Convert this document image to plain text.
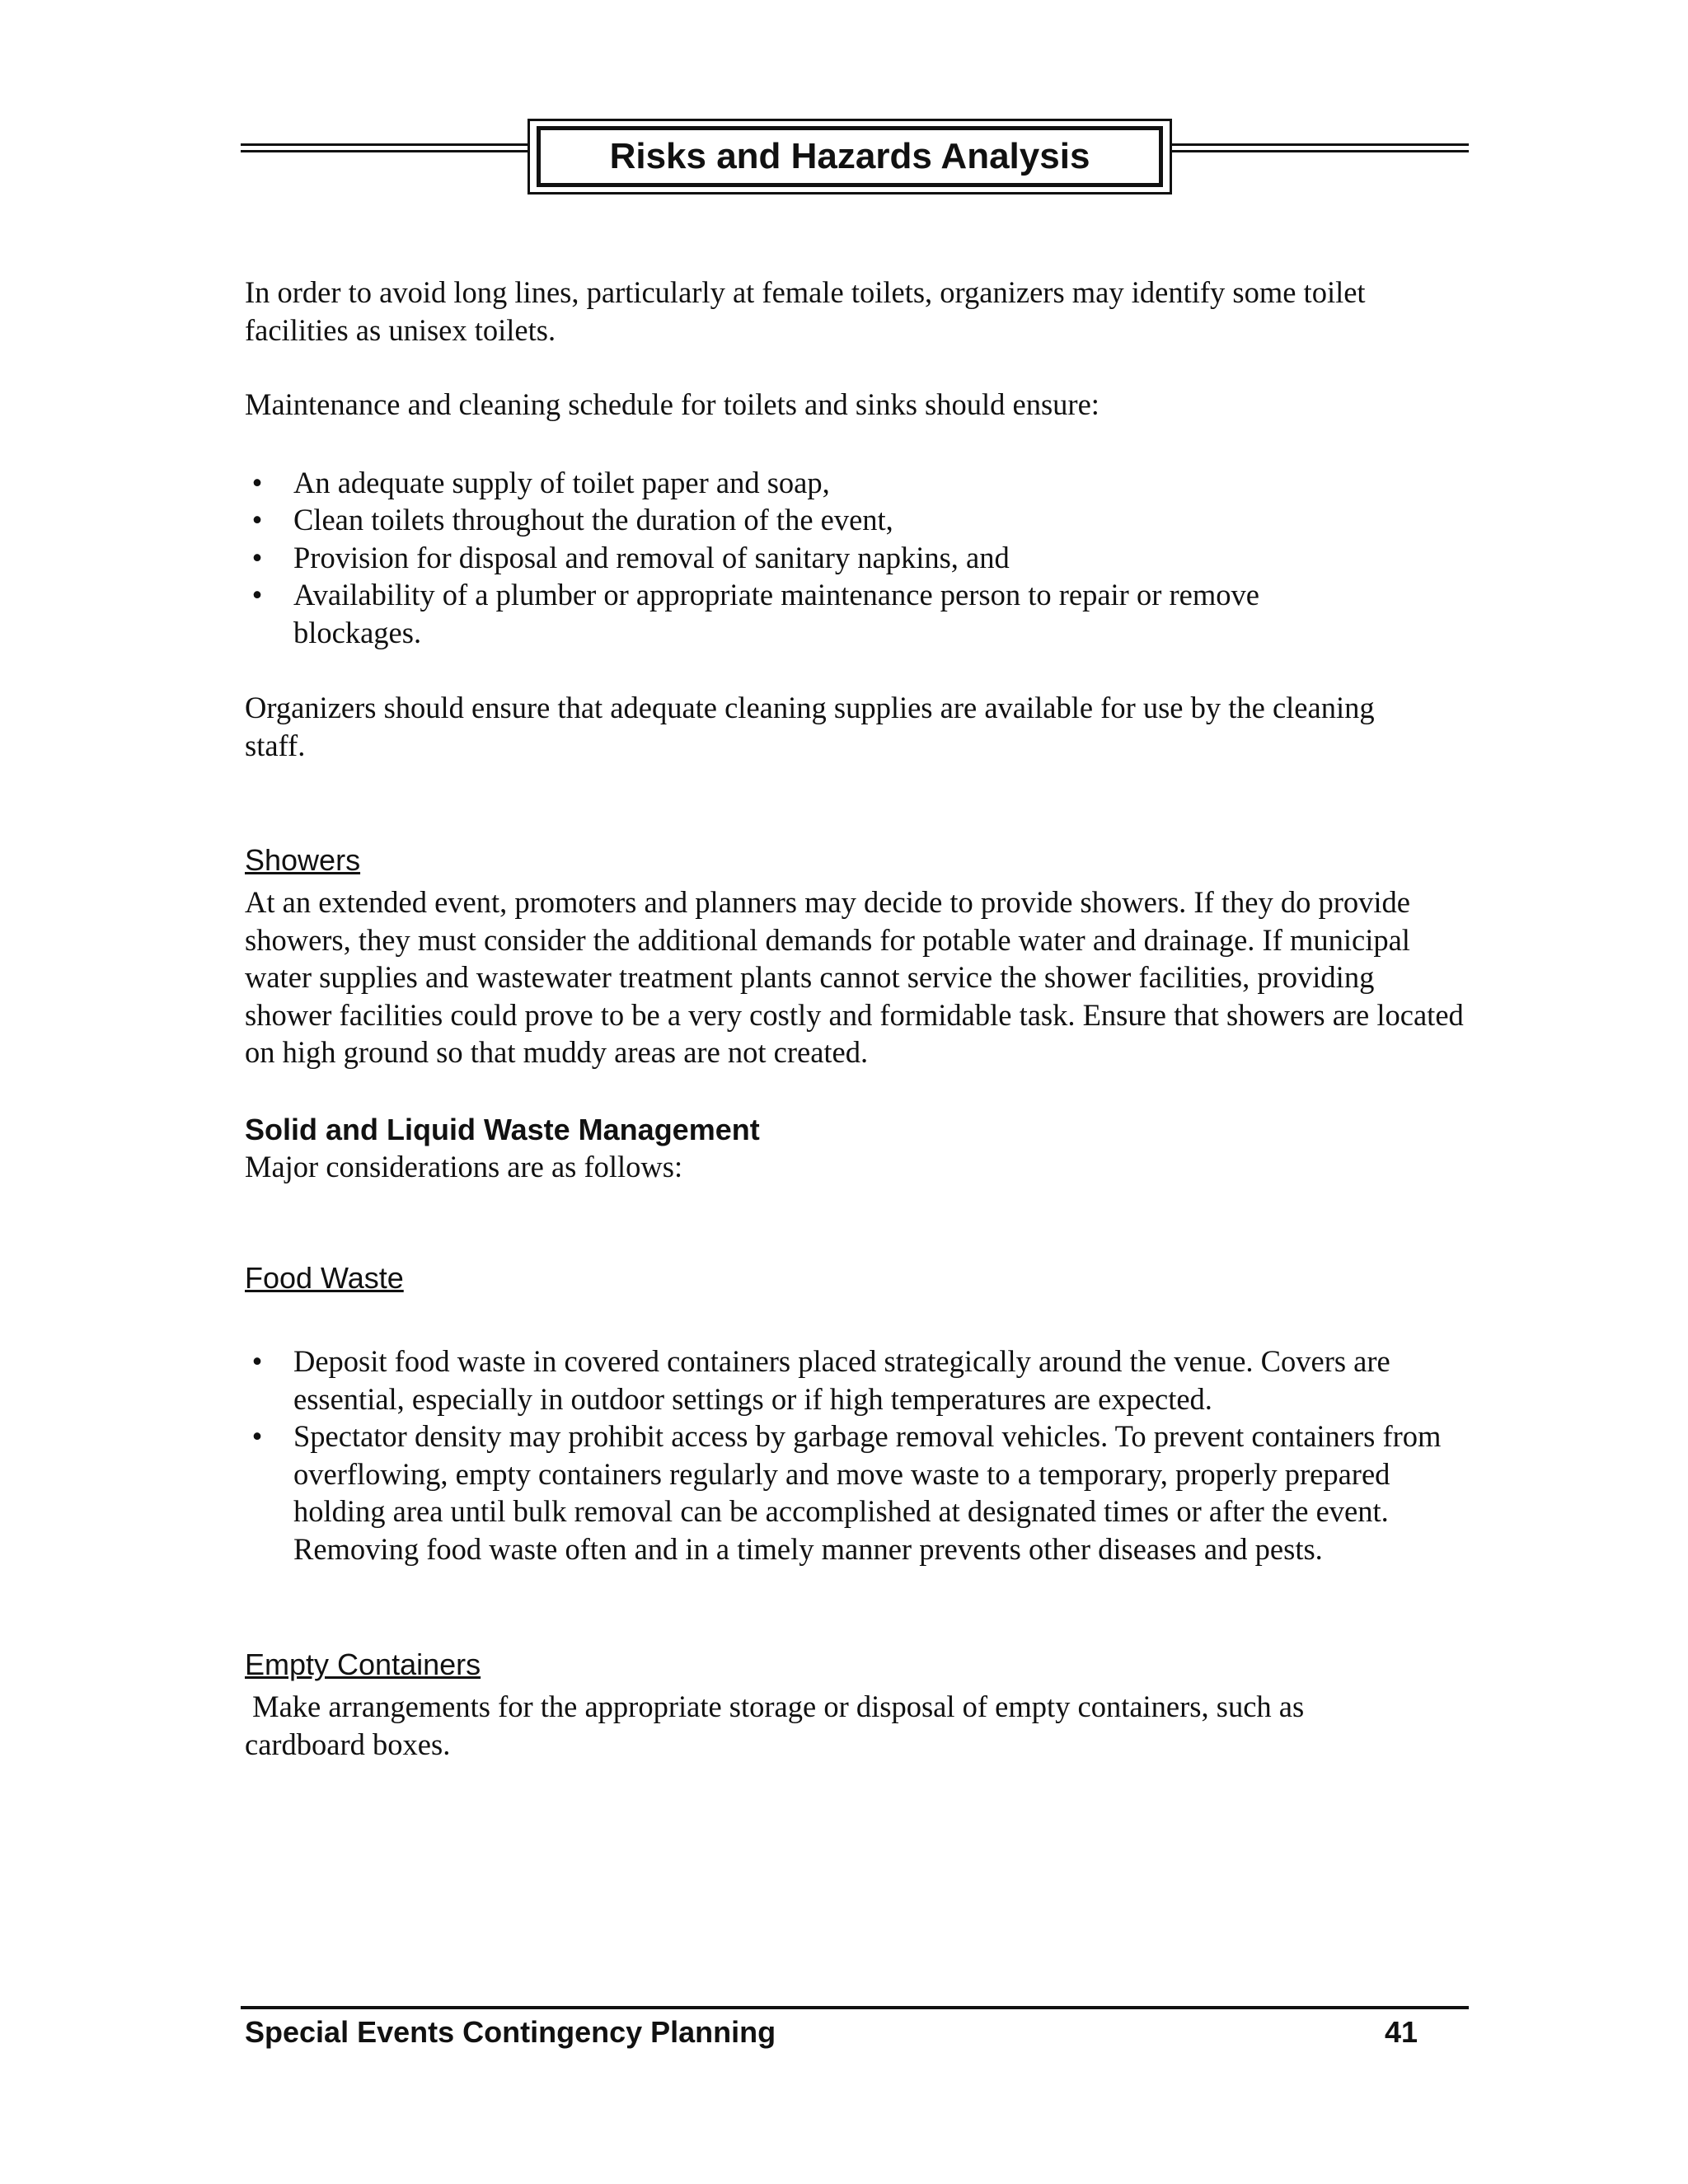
Risks and Hazards Analysis

In order to avoid long lines, particularly at female toilets, organizers may identify some toilet facilities as unisex toilets.

Maintenance and cleaning schedule for toilets and sinks should ensure:

• An adequate supply of toilet paper and soap,
• Clean toilets throughout the duration of the event,
• Provision for disposal and removal of sanitary napkins, and
• Availability of a plumber or appropriate maintenance person to repair or remove blockages.

Organizers should ensure that adequate cleaning supplies are available for use by the cleaning staff.

Showers

At an extended event, promoters and planners may decide to provide showers. If they do provide showers, they must consider the additional demands for potable water and drainage. If municipal water supplies and wastewater treatment plants cannot service the shower facilities, providing shower facilities could prove to be a very costly and formidable task. Ensure that showers are located on high ground so that muddy areas are not created.

Solid and Liquid Waste Management

Major considerations are as follows:

Food Waste

• Deposit food waste in covered containers placed strategically around the venue. Covers are essential, especially in outdoor settings or if high temperatures are expected.
• Spectator density may prohibit access by garbage removal vehicles. To prevent containers from overflowing, empty containers regularly and move waste to a temporary, properly prepared holding area until bulk removal can be accomplished at designated times or after the event. Removing food waste often and in a timely manner prevents other diseases and pests.

Empty Containers

Make arrangements for the appropriate storage or disposal of empty containers, such as cardboard boxes.

Special Events Contingency Planning	41
